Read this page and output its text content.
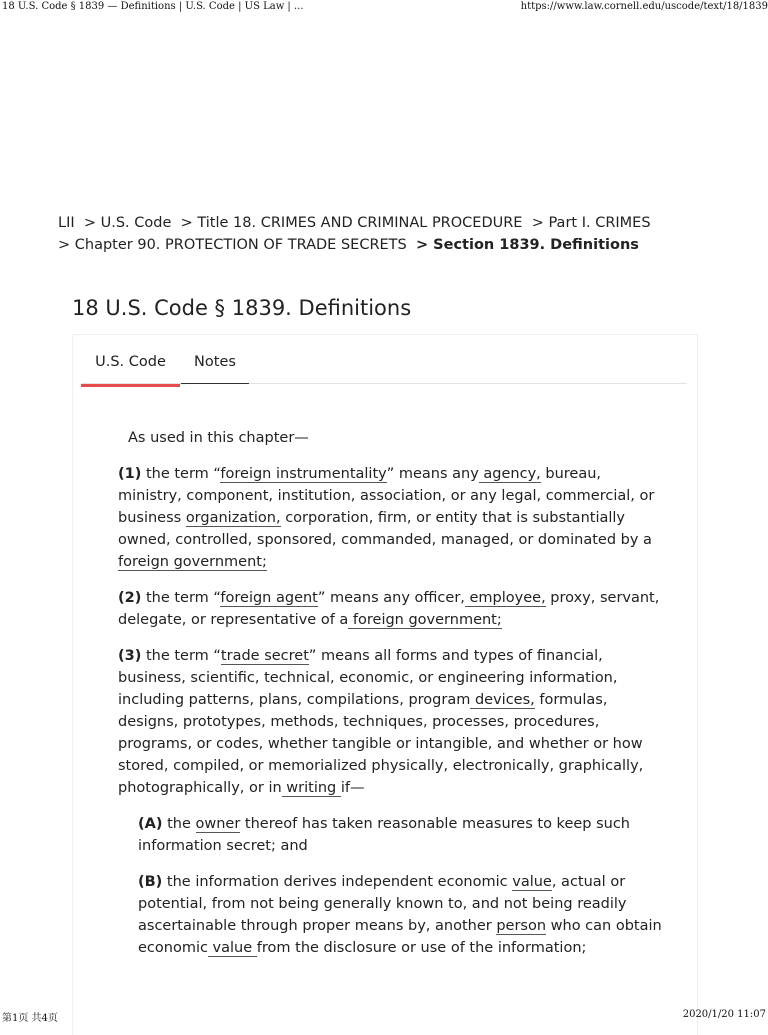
18 U.S. Code § 1839 — Definitions | U.S. Code | US Law | ...	https://www.law.cornell.edu/uscode/text/18/1839
LII > U.S. Code > Title 18. CRIMES AND CRIMINAL PROCEDURE > Part I. CRIMES
> Chapter 90. PROTECTION OF TRADE SECRETS > Section 1839. Definitions
18 U.S. Code § 1839. Definitions
U.S. Code	Notes

As used in this chapter—

(1) the term “foreign instrumentality” means any agency, bureau, ministry, component, institution, association, or any legal, commercial, or business organization, corporation, firm, or entity that is substantially owned, controlled, sponsored, commanded, managed, or dominated by a foreign government;

(2) the term “foreign agent” means any officer, employee, proxy, servant, delegate, or representative of a foreign government;

(3) the term “trade secret” means all forms and types of financial, business, scientific, technical, economic, or engineering information, including patterns, plans, compilations, program devices, formulas, designs, prototypes, methods, techniques, processes, procedures, programs, or codes, whether tangible or intangible, and whether or how stored, compiled, or memorialized physically, electronically, graphically, photographically, or in writing if—

(A) the owner thereof has taken reasonable measures to keep such information secret; and

(B) the information derives independent economic value, actual or potential, from not being generally known to, and not being readily ascertainable through proper means by, another person who can obtain economic value from the disclosure or use of the information;

第1页 共4页	2020/1/20 11:07
